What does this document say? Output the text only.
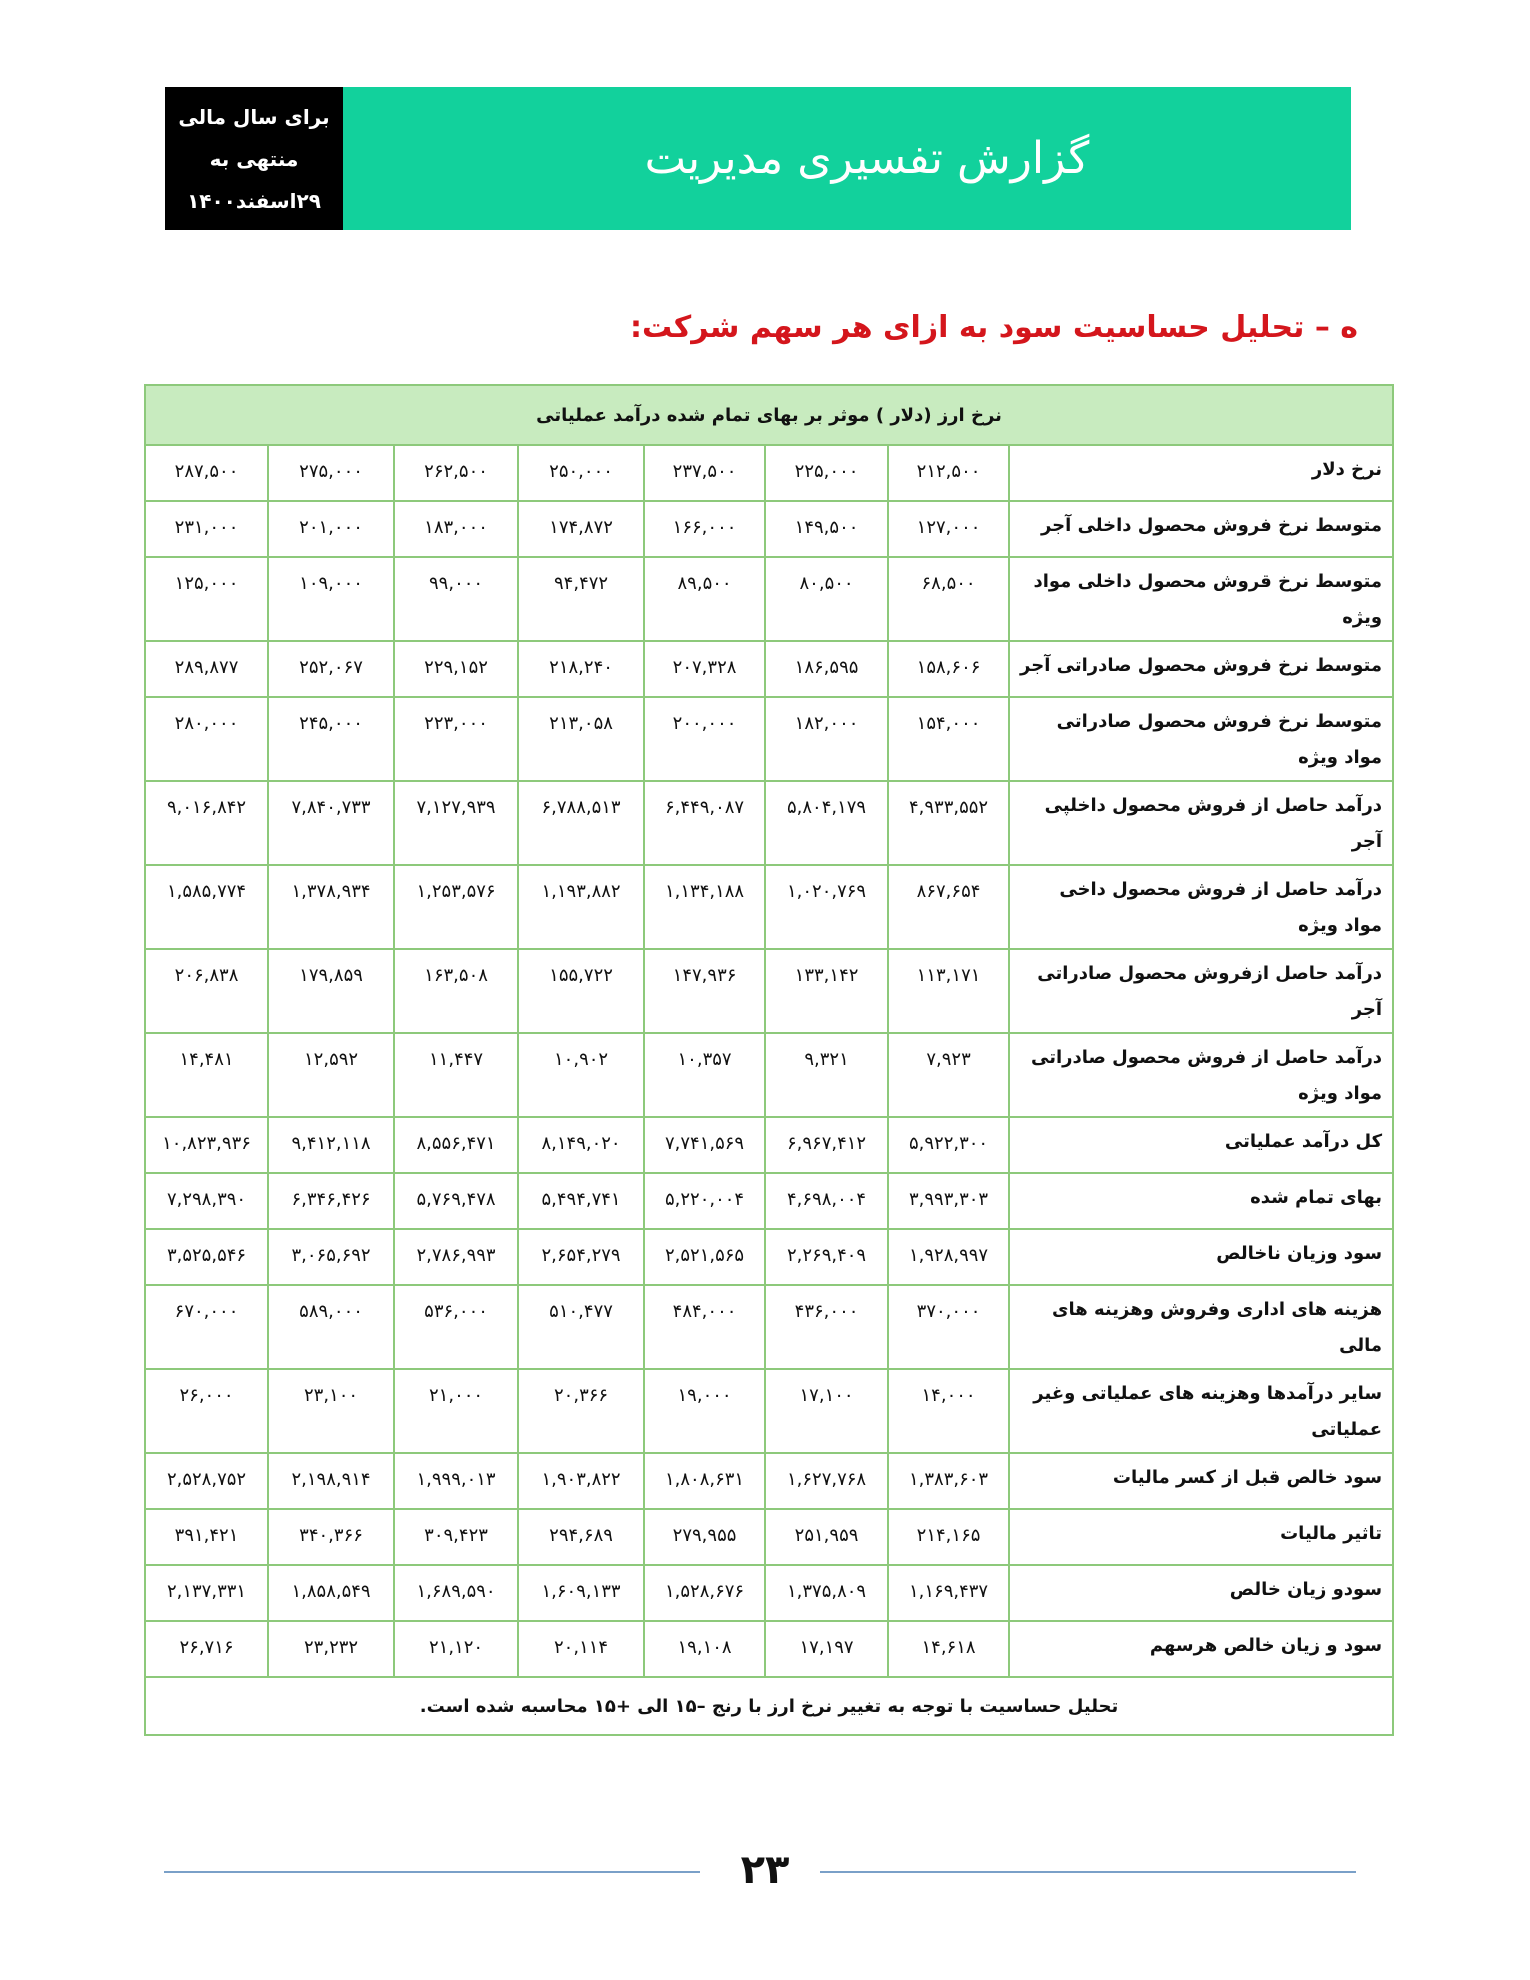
برای سال مالی
منتهی به
۲۹اسفند۱۴۰۰
گزارش تفسیری مدیریت
ه – تحلیل حساسیت سود به ازای هر سهم شرکت:
نرخ ارز (دلار ) موثر بر بهای تمام شده درآمد عملیاتی							
نرخ دلار	۲۱۲,۵۰۰	۲۲۵,۰۰۰	۲۳۷,۵۰۰	۲۵۰,۰۰۰	۲۶۲,۵۰۰	۲۷۵,۰۰۰	۲۸۷,۵۰۰
متوسط نرخ فروش محصول داخلی آجر	۱۲۷,۰۰۰	۱۴۹,۵۰۰	۱۶۶,۰۰۰	۱۷۴,۸۷۲	۱۸۳,۰۰۰	۲۰۱,۰۰۰	۲۳۱,۰۰۰
متوسط نرخ قروش محصول داخلی مواد ویژه	۶۸,۵۰۰	۸۰,۵۰۰	۸۹,۵۰۰	۹۴,۴۷۲	۹۹,۰۰۰	۱۰۹,۰۰۰	۱۲۵,۰۰۰
متوسط نرخ فروش محصول صادراتی آجر	۱۵۸,۶۰۶	۱۸۶,۵۹۵	۲۰۷,۳۲۸	۲۱۸,۲۴۰	۲۲۹,۱۵۲	۲۵۲,۰۶۷	۲۸۹,۸۷۷
متوسط نرخ فروش محصول صادراتی مواد ویژه	۱۵۴,۰۰۰	۱۸۲,۰۰۰	۲۰۰,۰۰۰	۲۱۳,۰۵۸	۲۲۳,۰۰۰	۲۴۵,۰۰۰	۲۸۰,۰۰۰
درآمد حاصل از فروش محصول داخلپی آجر	۴,۹۳۳,۵۵۲	۵,۸۰۴,۱۷۹	۶,۴۴۹,۰۸۷	۶,۷۸۸,۵۱۳	۷,۱۲۷,۹۳۹	۷,۸۴۰,۷۳۳	۹,۰۱۶,۸۴۲
درآمد حاصل از فروش محصول داخی مواد ویژه	۸۶۷,۶۵۴	۱,۰۲۰,۷۶۹	۱,۱۳۴,۱۸۸	۱,۱۹۳,۸۸۲	۱,۲۵۳,۵۷۶	۱,۳۷۸,۹۳۴	۱,۵۸۵,۷۷۴
درآمد حاصل ازفروش محصول صادراتی آجر	۱۱۳,۱۷۱	۱۳۳,۱۴۲	۱۴۷,۹۳۶	۱۵۵,۷۲۲	۱۶۳,۵۰۸	۱۷۹,۸۵۹	۲۰۶,۸۳۸
درآمد حاصل از فروش محصول صادراتی مواد ویژه	۷,۹۲۳	۹,۳۲۱	۱۰,۳۵۷	۱۰,۹۰۲	۱۱,۴۴۷	۱۲,۵۹۲	۱۴,۴۸۱
کل درآمد عملیاتی	۵,۹۲۲,۳۰۰	۶,۹۶۷,۴۱۲	۷,۷۴۱,۵۶۹	۸,۱۴۹,۰۲۰	۸,۵۵۶,۴۷۱	۹,۴۱۲,۱۱۸	۱۰,۸۲۳,۹۳۶
بهای تمام شده	۳,۹۹۳,۳۰۳	۴,۶۹۸,۰۰۴	۵,۲۲۰,۰۰۴	۵,۴۹۴,۷۴۱	۵,۷۶۹,۴۷۸	۶,۳۴۶,۴۲۶	۷,۲۹۸,۳۹۰
سود وزیان ناخالص	۱,۹۲۸,۹۹۷	۲,۲۶۹,۴۰۹	۲,۵۲۱,۵۶۵	۲,۶۵۴,۲۷۹	۲,۷۸۶,۹۹۳	۳,۰۶۵,۶۹۲	۳,۵۲۵,۵۴۶
هزینه های اداری وفروش وهزینه های مالی	۳۷۰,۰۰۰	۴۳۶,۰۰۰	۴۸۴,۰۰۰	۵۱۰,۴۷۷	۵۳۶,۰۰۰	۵۸۹,۰۰۰	۶۷۰,۰۰۰
سایر درآمدها وهزینه های عملیاتی وغیر عملیاتی	۱۴,۰۰۰	۱۷,۱۰۰	۱۹,۰۰۰	۲۰,۳۶۶	۲۱,۰۰۰	۲۳,۱۰۰	۲۶,۰۰۰
سود خالص قبل از کسر مالیات	۱,۳۸۳,۶۰۳	۱,۶۲۷,۷۶۸	۱,۸۰۸,۶۳۱	۱,۹۰۳,۸۲۲	۱,۹۹۹,۰۱۳	۲,۱۹۸,۹۱۴	۲,۵۲۸,۷۵۲
تاثیر مالیات	۲۱۴,۱۶۵	۲۵۱,۹۵۹	۲۷۹,۹۵۵	۲۹۴,۶۸۹	۳۰۹,۴۲۳	۳۴۰,۳۶۶	۳۹۱,۴۲۱
سودو زیان خالص	۱,۱۶۹,۴۳۷	۱,۳۷۵,۸۰۹	۱,۵۲۸,۶۷۶	۱,۶۰۹,۱۳۳	۱,۶۸۹,۵۹۰	۱,۸۵۸,۵۴۹	۲,۱۳۷,۳۳۱
سود و زیان خالص هرسهم	۱۴,۶۱۸	۱۷,۱۹۷	۱۹,۱۰۸	۲۰,۱۱۴	۲۱,۱۲۰	۲۳,۲۳۲	۲۶,۷۱۶
تحلیل حساسیت با توجه به تغییر نرخ ارز با رنج –۱۵ الی +۱۵ محاسبه شده است.							
۲۳
